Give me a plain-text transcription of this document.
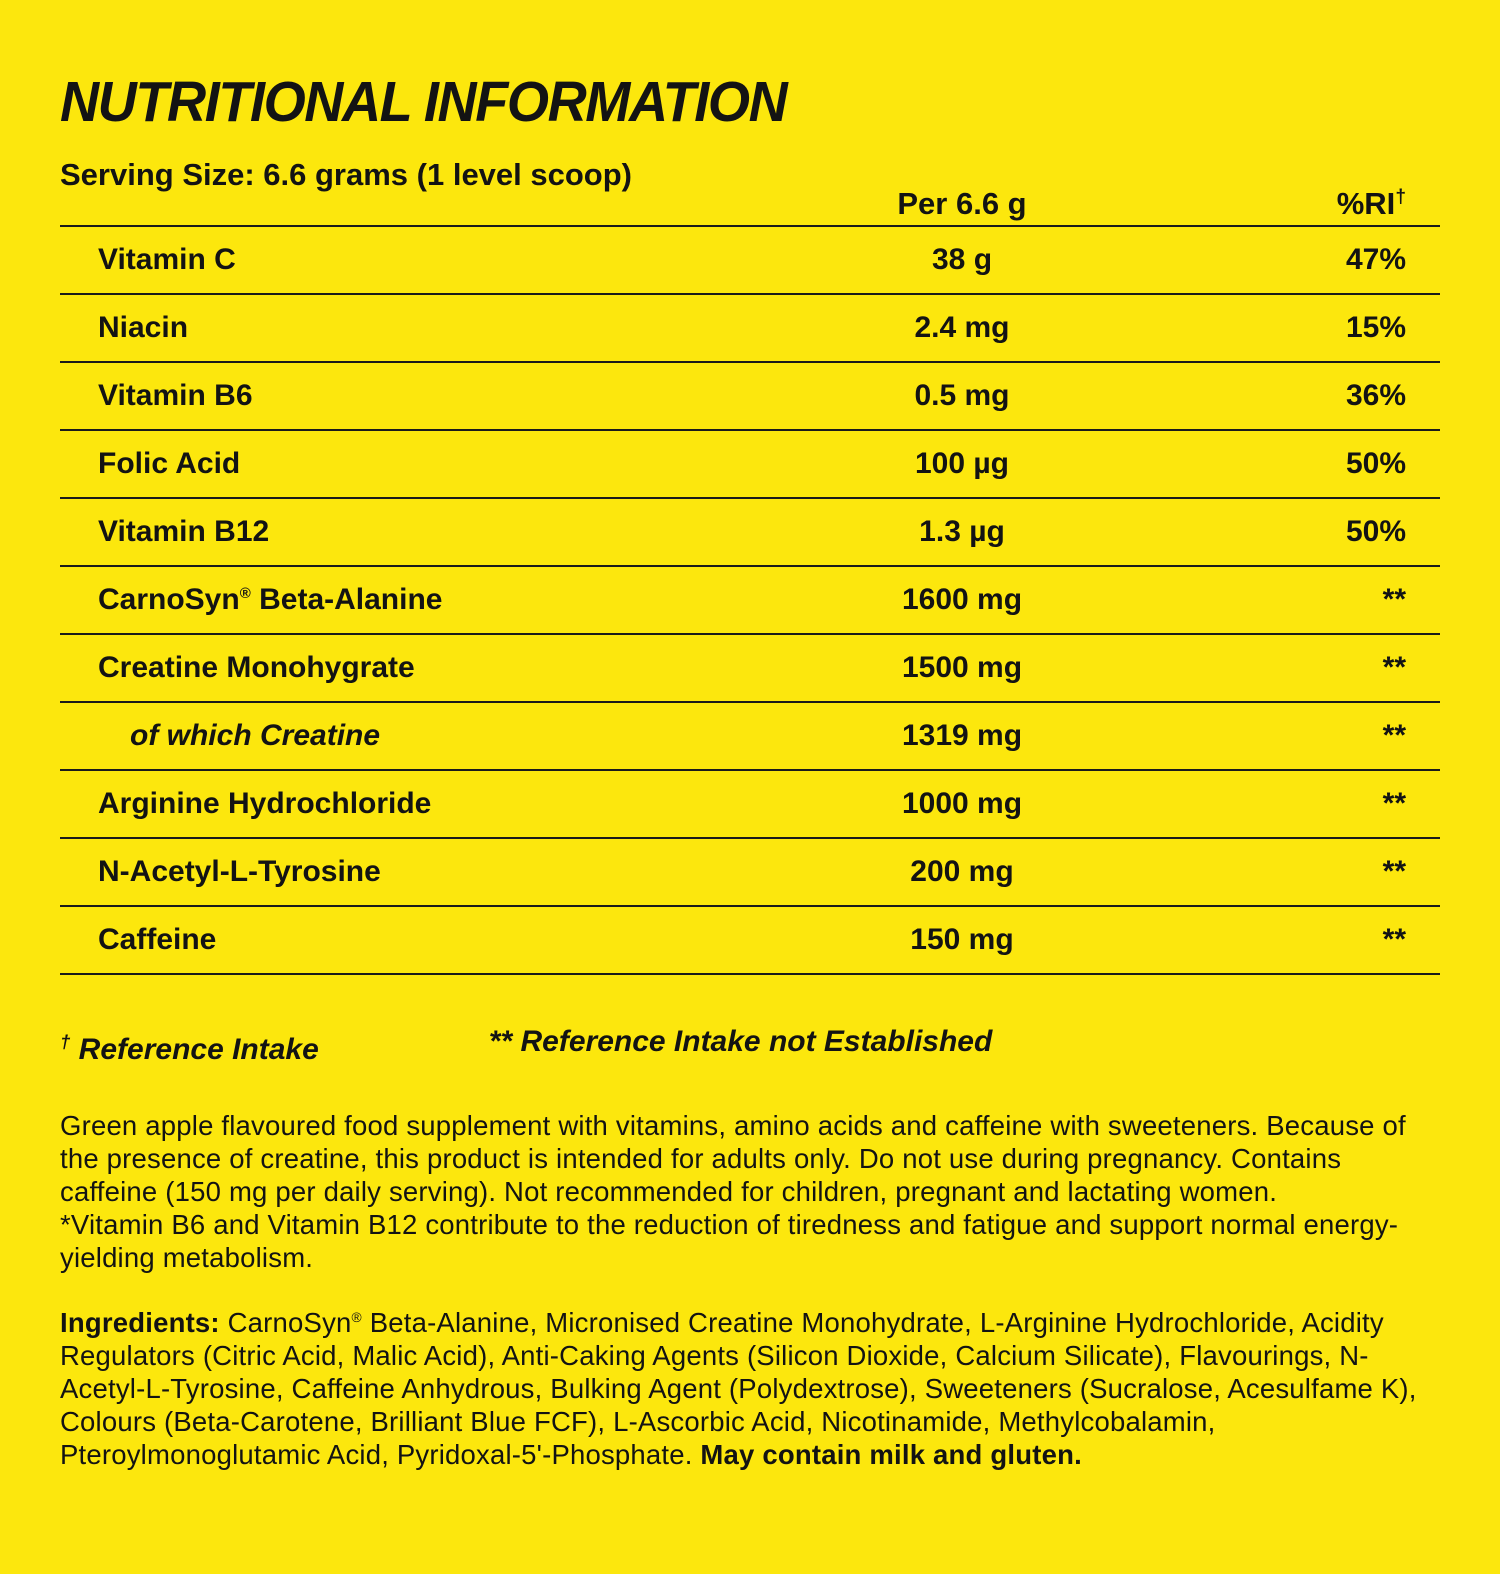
NUTRITIONAL INFORMATION
Serving Size: 6.6 grams (1 level scoop)
Per 6.6 g	%RI†
Vitamin C	38 g	47%
Niacin	2.4 mg	15%
Vitamin B6	0.5 mg	36%
Folic Acid	100 µg	50%
Vitamin B12	1.3 µg	50%
CarnoSyn® Beta-Alanine	1600 mg	**
Creatine Monohygrate	1500 mg	**
of which Creatine	1319 mg	**
Arginine Hydrochloride	1000 mg	**
N-Acetyl-L-Tyrosine	200 mg	**
Caffeine	150 mg	**
† Reference Intake	** Reference Intake not Established
Green apple flavoured food supplement with vitamins, amino acids and caffeine with sweeteners. Because of the presence of creatine, this product is intended for adults only. Do not use during pregnancy. Contains caffeine (150 mg per daily serving). Not recommended for children, pregnant and lactating women.
*Vitamin B6 and Vitamin B12 contribute to the reduction of tiredness and fatigue and support normal energy-yielding metabolism.
Ingredients: CarnoSyn® Beta-Alanine, Micronised Creatine Monohydrate, L-Arginine Hydrochloride, Acidity Regulators (Citric Acid, Malic Acid), Anti-Caking Agents (Silicon Dioxide, Calcium Silicate), Flavourings, N-Acetyl-L-Tyrosine, Caffeine Anhydrous, Bulking Agent (Polydextrose), Sweeteners (Sucralose, Acesulfame K), Colours (Beta-Carotene, Brilliant Blue FCF), L-Ascorbic Acid, Nicotinamide, Methylcobalamin, Pteroylmonoglutamic Acid, Pyridoxal-5'-Phosphate. May contain milk and gluten.
